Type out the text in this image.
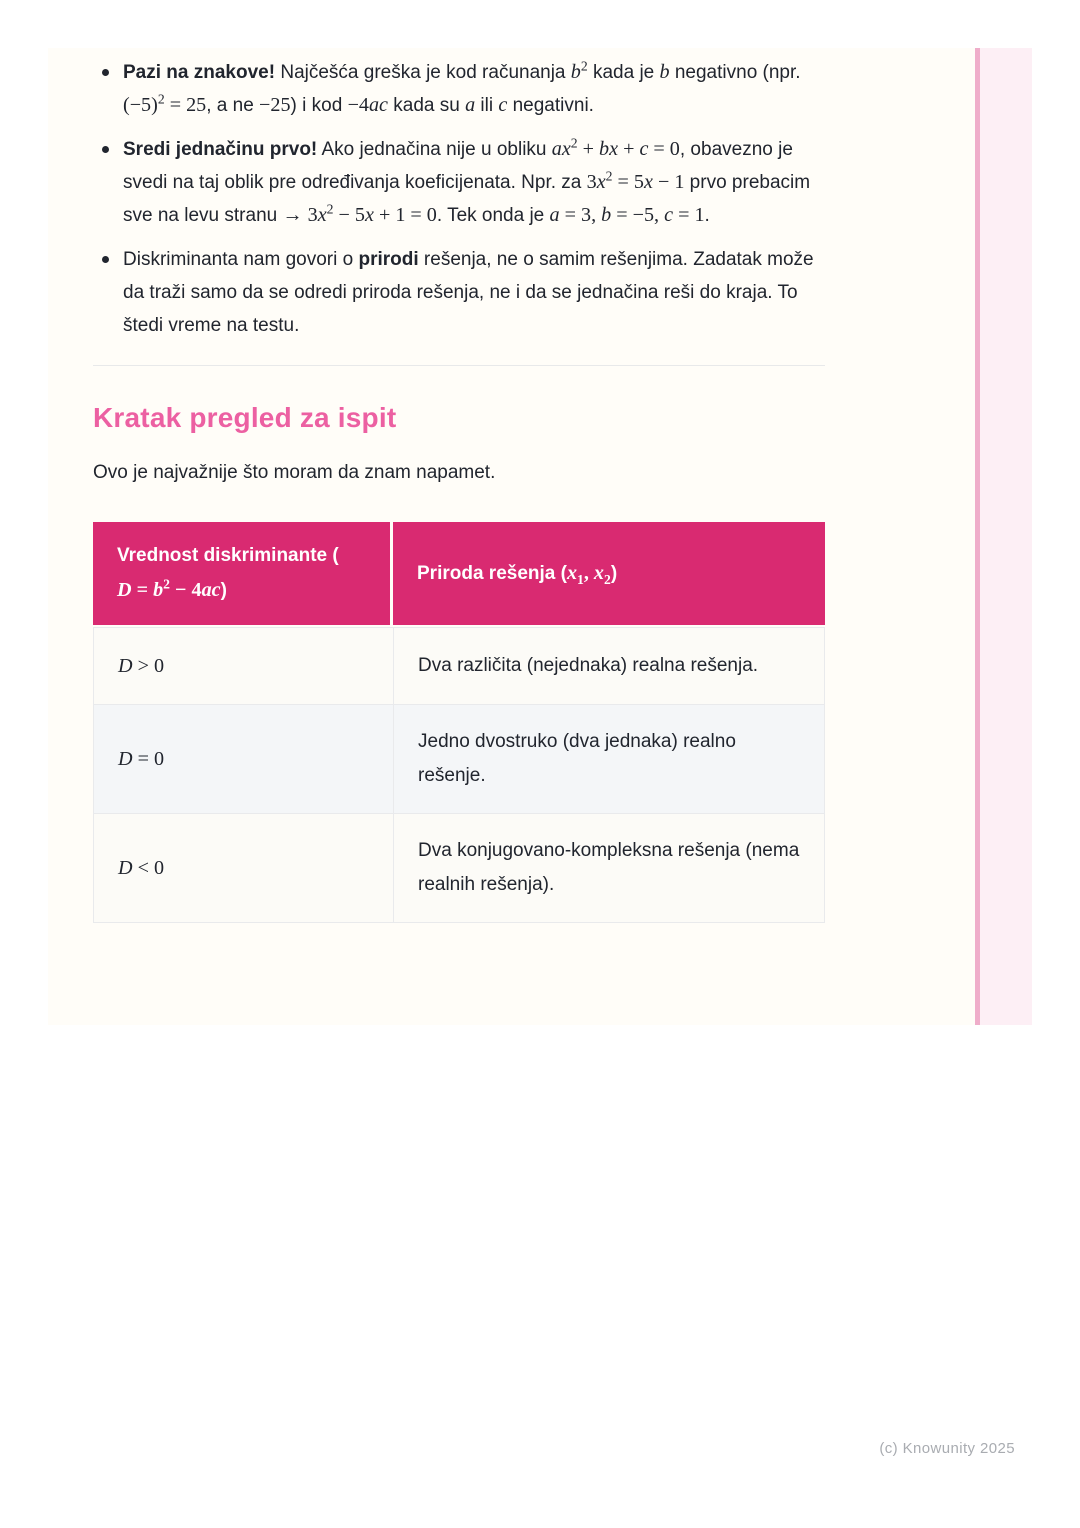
Pazi na znakove! Najčešća greška je kod računanja $b^2$ kada je b negativno (npr. $(-5)^2 = 25$, a ne −25) i kod −4ac kada su a ili c negativni.
Sredi jednačinu prvo! Ako jednačina nije u obliku $ax^2$ + bx + c = 0, obavezno je svedi na taj oblik pre određivanja koeficijenata. Npr. za $3x^2 = 5x - 1$ prvo prebacim sve na levu stranu → $3x^2 - 5x + 1 = 0$. Tek onda je a = 3, b = −5, c = 1.
Diskriminanta nam govori o prirodi rešenja, ne o samim rešenjima. Zadatak može da traži samo da se odredi priroda rešenja, ne i da se jednačina reši do kraja. To štedi vreme na testu.
Kratak pregled za ispit

Ovo je najvažnije što moram da znam napamet.

Vrednost diskriminante (
$D = b^2 - 4ac$)
Priroda rešenja ($x_1$, $x_2$)
D > 0	Dva različita (nejednaka) realna rešenja.
D = 0
Jedno dvostruko (dva jednaka) realno rešenje.
D < 0
Dva konjugovano-kompleksna rešenja (nema realnih rešenja).
(c) Knowunity 2025
